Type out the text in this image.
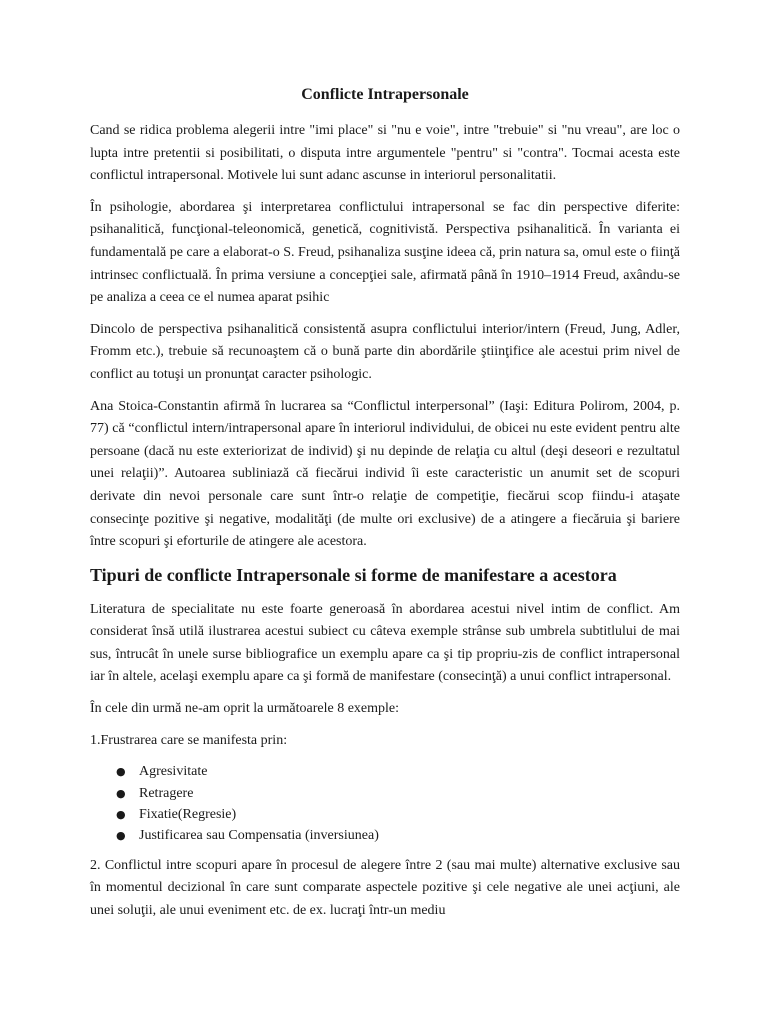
Conflicte Intrapersonale

Cand se ridica problema alegerii intre "imi place" si "nu e voie", intre "trebuie" si "nu vreau", are loc o lupta intre pretentii si posibilitati, o disputa intre argumentele "pentru" si "contra". Tocmai acesta este conflictul intrapersonal. Motivele lui sunt adanc ascunse in interiorul personalitatii.

În psihologie, abordarea şi interpretarea conflictului intrapersonal se fac din perspective diferite: psihanalitică, funcţional-teleonomică, genetică, cognitivistă. Perspectiva psihanalitică. În varianta ei fundamentală pe care a elaborat-o S. Freud, psihanaliza susţine ideea că, prin natura sa, omul este o fiinţă intrinsec conflictuală. În prima versiune a concepţiei sale, afirmată până în 1910–1914 Freud, axându-se pe analiza a ceea ce el numea aparat psihic

Dincolo de perspectiva psihanalitică consistentă asupra conflictului interior/intern (Freud, Jung, Adler, Fromm etc.), trebuie să recunoaştem că o bună parte din abordările ştiinţifice ale acestui prim nivel de conflict au totuşi un pronunţat caracter psihologic.

Ana Stoica-Constantin afirmă în lucrarea sa “Conflictul interpersonal” (Iaşi: Editura Polirom, 2004, p. 77) că “conflictul intern/intrapersonal apare în interiorul individului, de obicei nu este evident pentru alte persoane (dacă nu este exteriorizat de individ) şi nu depinde de relaţia cu altul (deşi deseori e rezultatul unei relaţii)”. Autoarea subliniază că fiecărui individ îi este caracteristic un anumit set de scopuri derivate din nevoi personale care sunt într-o relaţie de competiţie, fiecărui scop fiindu-i ataşate consecinţe pozitive şi negative, modalităţi (de multe ori exclusive) de a atingere a fiecăruia şi bariere între scopuri şi eforturile de atingere ale acestora.

Tipuri de conflicte Intrapersonale si forme de manifestare a acestora

Literatura de specialitate nu este foarte generoasă în abordarea acestui nivel intim de conflict. Am considerat însă utilă ilustrarea acestui subiect cu câteva exemple strânse sub umbrela subtitlului de mai sus, întrucât în unele surse bibliografice un exemplu apare ca şi tip propriu-zis de conflict intrapersonal iar în altele, acelaşi exemplu apare ca şi formă de manifestare (consecinţă) a unui conflict intrapersonal.

În cele din urmă ne-am oprit la următoarele 8 exemple:

1.Frustrarea care se manifesta prin:

● Agresivitate
● Retragere
● Fixatie(Regresie)
● Justificarea sau Compensatia (inversiunea)

2. Conflictul intre scopuri apare în procesul de alegere între 2 (sau mai multe) alternative exclusive sau în momentul decizional în care sunt comparate aspectele pozitive şi cele negative ale unei acţiuni, ale unei soluţii, ale unui eveniment etc. de ex. lucraţi într-un mediu
